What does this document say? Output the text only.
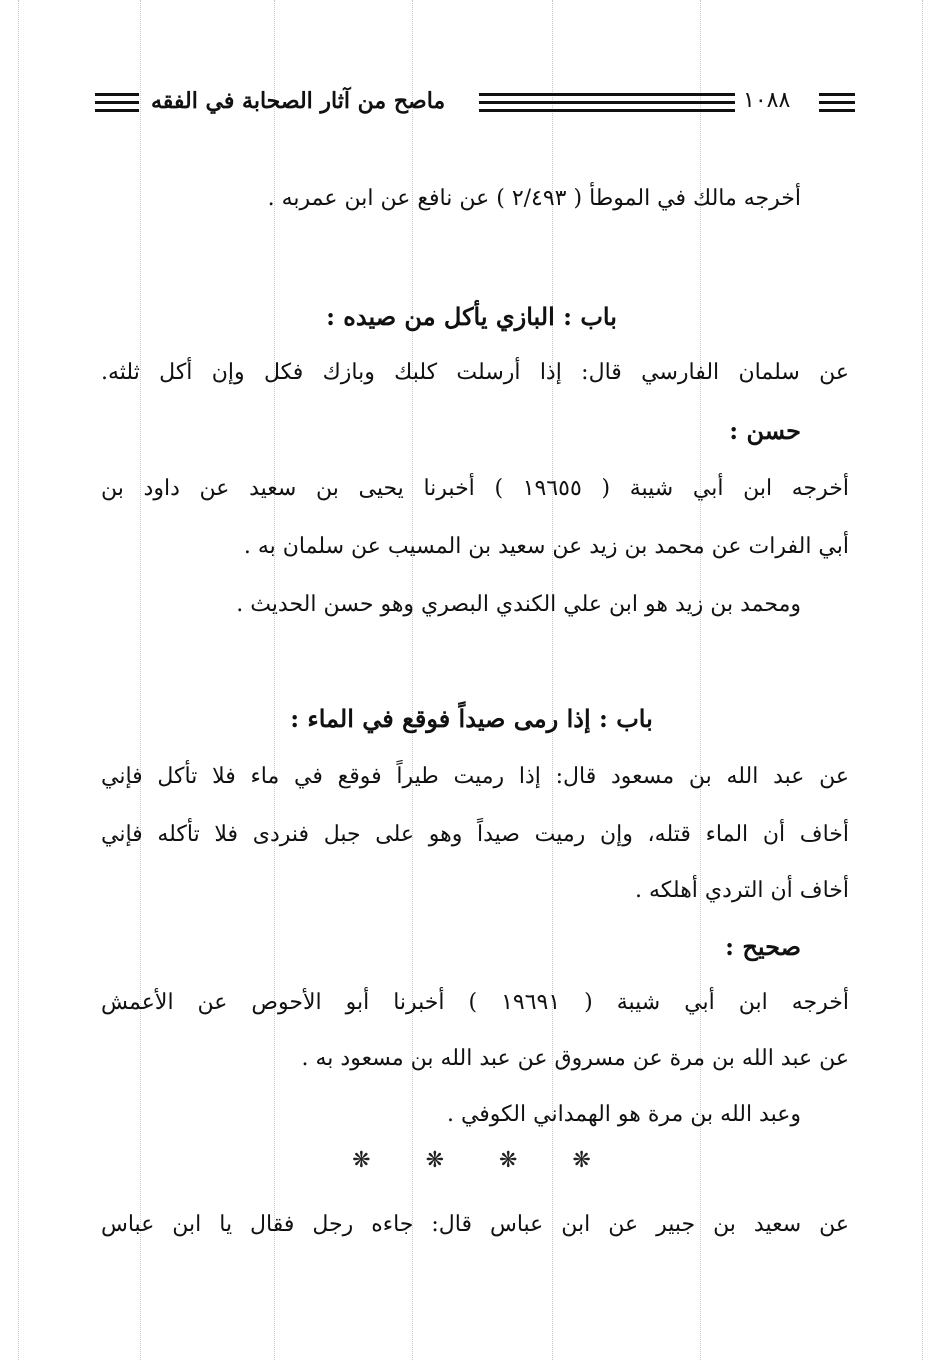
ماصح من آثار الصحابة في الفقه	١٠٨٨
أخرجه مالك في الموطأ ( ٢/٤٩٣ ) عن نافع عن ابن عمربه .
باب : البازي يأكل من صيده :
عن سلمان الفارسي قال: إذا أرسلت كلبك وبازك فكل وإن أكل ثلثه.
حسن :
أخرجه ابن أبي شيبة ( ١٩٦٥٥ ) أخبرنا يحيى بن سعيد عن داود بن
أبي الفرات عن محمد بن زيد عن سعيد بن المسيب عن سلمان به .
ومحمد بن زيد هو ابن علي الكندي البصري وهو حسن الحديث .
باب : إذا رمى صيداً فوقع في الماء :
عن عبد الله بن مسعود قال: إذا رميت طيراً فوقع في ماء فلا تأكل فإني
أخاف أن الماء قتله، وإن رميت صيداً وهو على جبل فنردى فلا تأكله فإني
أخاف أن التردي أهلكه .
صحيح :
أخرجه ابن أبي شيبة ( ١٩٦٩١ ) أخبرنا أبو الأحوص عن الأعمش
عن عبد الله بن مرة عن مسروق عن عبد الله بن مسعود به .
وعبد الله بن مرة هو الهمداني الكوفي .
❋ ❋ ❋ ❋
عن سعيد بن جبير عن ابن عباس قال: جاءه رجل فقال يا ابن عباس
